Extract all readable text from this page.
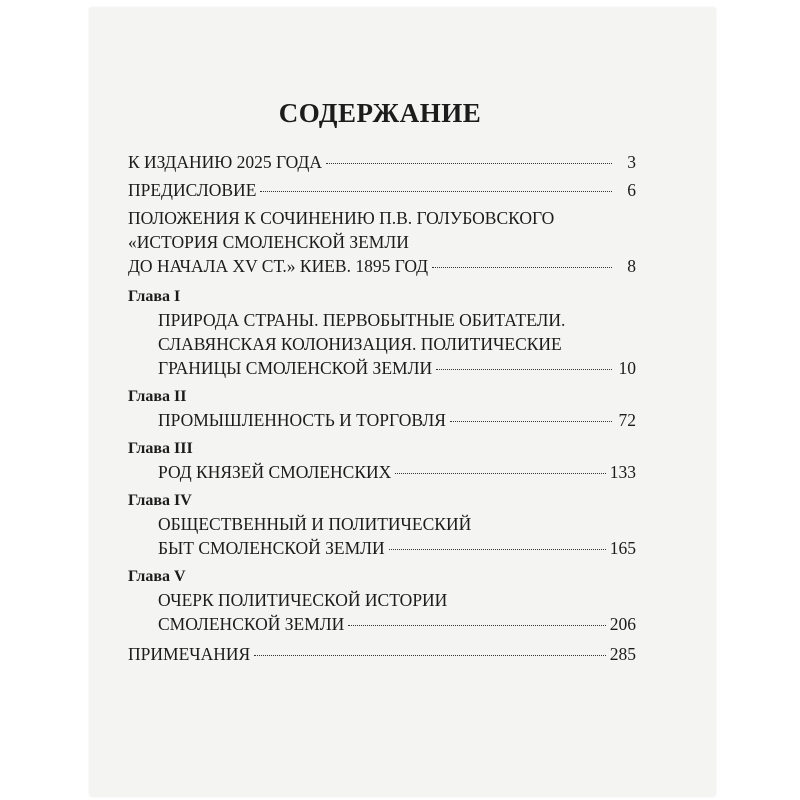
СОДЕРЖАНИЕ
К ИЗДАНИЮ 2025 ГОДА	3
ПРЕДИСЛОВИЕ	6
ПОЛОЖЕНИЯ К СОЧИНЕНИЮ П.В. ГОЛУБОВСКОГО
«ИСТОРИЯ СМОЛЕНСКОЙ ЗЕМЛИ
ДО НАЧАЛА XV СТ.» КИЕВ. 1895 ГОД	8
Глава I
ПРИРОДА СТРАНЫ. ПЕРВОБЫТНЫЕ ОБИТАТЕЛИ.
СЛАВЯНСКАЯ КОЛОНИЗАЦИЯ. ПОЛИТИЧЕСКИЕ
ГРАНИЦЫ СМОЛЕНСКОЙ ЗЕМЛИ	10
Глава II
ПРОМЫШЛЕННОСТЬ И ТОРГОВЛЯ	72
Глава III
РОД КНЯЗЕЙ СМОЛЕНСКИХ	133
Глава IV
ОБЩЕСТВЕННЫЙ И ПОЛИТИЧЕСКИЙ
БЫТ СМОЛЕНСКОЙ ЗЕМЛИ	165
Глава V
ОЧЕРК ПОЛИТИЧЕСКОЙ ИСТОРИИ
СМОЛЕНСКОЙ ЗЕМЛИ	206
ПРИМЕЧАНИЯ	285
